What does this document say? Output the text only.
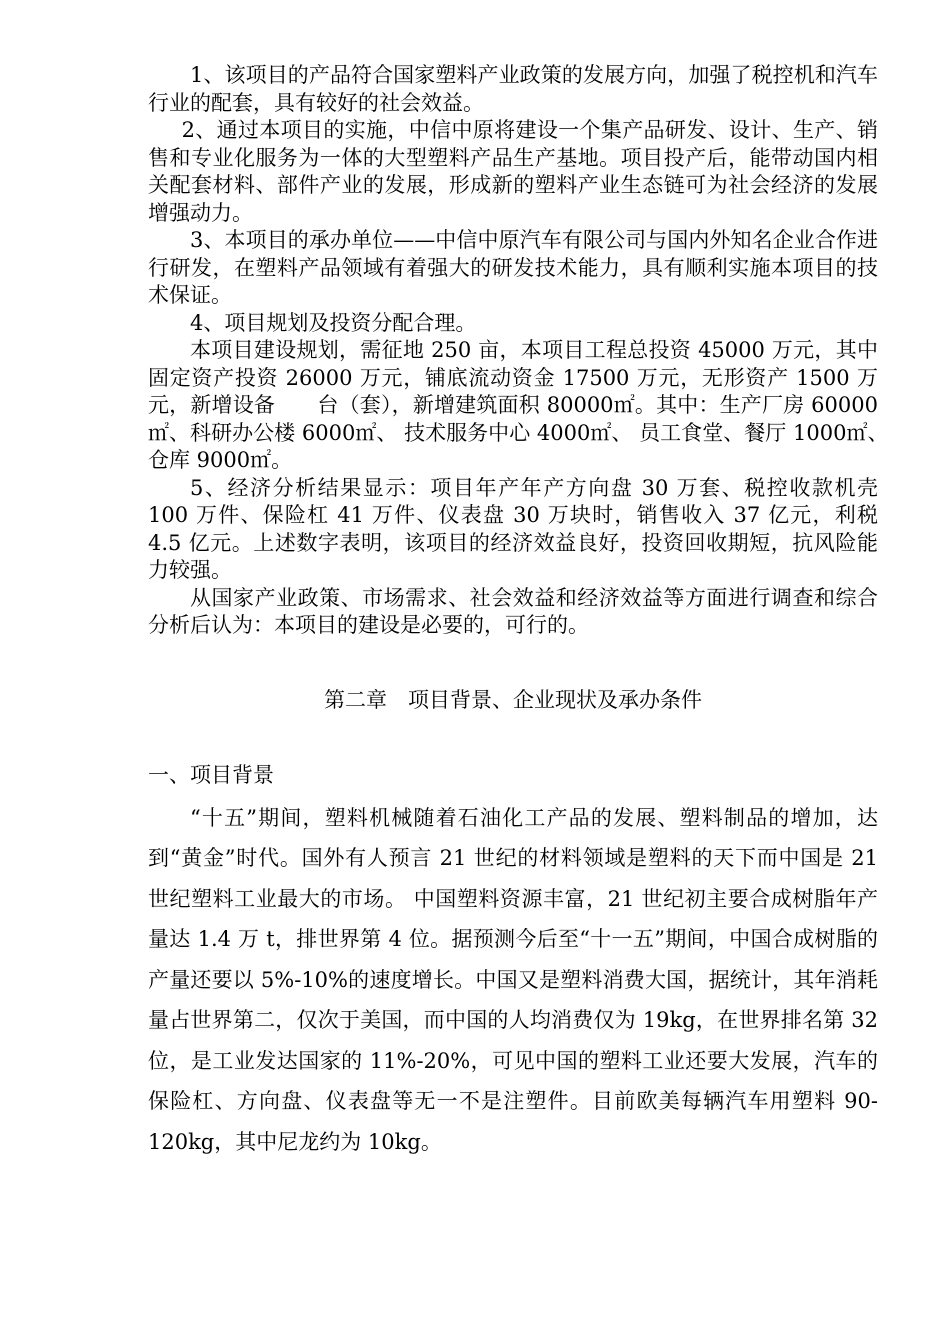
1、该项目的产品符合国家塑料产业政策的发展方向，加强了税控机和汽车行业的配套，具有较好的社会效益。

2、通过本项目的实施，中信中原将建设一个集产品研发、设计、生产、销售和专业化服务为一体的大型塑料产品生产基地。项目投产后，能带动国内相关配套材料、部件产业的发展，形成新的塑料产业生态链可为社会经济的发展增强动力。

3、本项目的承办单位——中信中原汽车有限公司与国内外知名企业合作进行研发，在塑料产品领域有着强大的研发技术能力，具有顺利实施本项目的技术保证。

4、项目规划及投资分配合理。

本项目建设规划，需征地 250 亩，本项目工程总投资 45000 万元，其中固定资产投资 26000 万元，铺底流动资金 17500 万元，无形资产 1500 万元，新增设备　　台（套），新增建筑面积 80000㎡。其中：生产厂房 60000㎡、科研办公楼 6000㎡、 技术服务中心 4000㎡、 员工食堂、餐厅 1000㎡、　仓库 9000㎡。

5、经济分析结果显示：项目年产年产方向盘 30 万套、税控收款机壳 100 万件、保险杠 41 万件、仪表盘 30 万块时，销售收入 37 亿元，利税 4.5 亿元。上述数字表明，该项目的经济效益良好，投资回收期短，抗风险能力较强。

从国家产业政策、市场需求、社会效益和经济效益等方面进行调查和综合分析后认为：本项目的建设是必要的，可行的。

第二章　项目背景、企业现状及承办条件
一、项目背景

“十五”期间，塑料机械随着石油化工产品的发展、塑料制品的增加，达到“黄金”时代。国外有人预言 21 世纪的材料领域是塑料的天下而中国是 21 世纪塑料工业最大的市场。 中国塑料资源丰富，21 世纪初主要合成树脂年产量达 1.4 万 t，排世界第 4 位。据预测今后至“十一五”期间，中国合成树脂的产量还要以 5%-10%的速度增长。中国又是塑料消费大国，据统计，其年消耗量占世界第二，仅次于美国，而中国的人均消费仅为 19kg，在世界排名第 32 位，是工业发达国家的 11%-20%，可见中国的塑料工业还要大发展，汽车的保险杠、方向盘、仪表盘等无一不是注塑件。目前欧美每辆汽车用塑料 90-120kg，其中尼龙约为 10kg。
